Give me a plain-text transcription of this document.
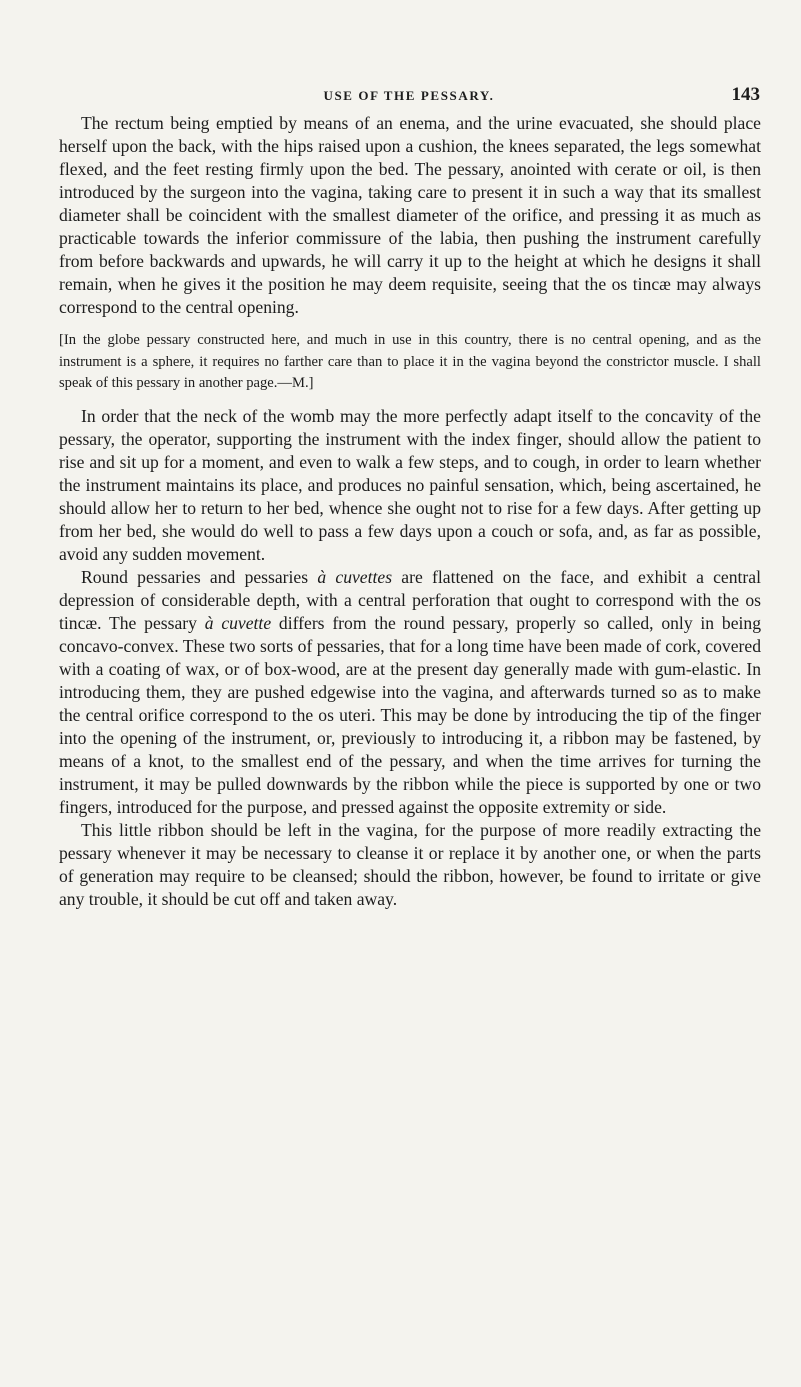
USE OF THE PESSARY.	143

The rectum being emptied by means of an enema, and the urine evacuated, she should place herself upon the back, with the hips raised upon a cushion, the knees separated, the legs somewhat flexed, and the feet resting firmly upon the bed. The pessary, anointed with cerate or oil, is then introduced by the surgeon into the vagina, taking care to present it in such a way that its smallest diameter shall be coincident with the smallest diameter of the orifice, and pressing it as much as practicable towards the inferior commissure of the labia, then pushing the instrument carefully from before backwards and upwards, he will carry it up to the height at which he designs it shall remain, when he gives it the position he may deem requisite, seeing that the os tincæ may always correspond to the central opening.

[ In the globe pessary constructed here, and much in use in this country, there is no central opening, and as the instrument is a sphere, it requires no farther care than to place it in the vagina beyond the constrictor muscle. I shall speak of this pessary in another page.—M. ]

In order that the neck of the womb may the more perfectly adapt itself to the concavity of the pessary, the operator, supporting the instrument with the index finger, should allow the patient to rise and sit up for a moment, and even to walk a few steps, and to cough, in order to learn whether the instrument maintains its place, and produces no painful sensation, which, being ascertained, he should allow her to return to her bed, whence she ought not to rise for a few days. After getting up from her bed, she would do well to pass a few days upon a couch or sofa, and, as far as possible, avoid any sudden movement.

Round pessaries and pessaries à cuvettes are flattened on the face, and exhibit a central depression of considerable depth, with a central perforation that ought to correspond with the os tincæ. The pessary à cuvette differs from the round pessary, properly so called, only in being concavo-convex. These two sorts of pessaries, that for a long time have been made of cork, covered with a coating of wax, or of box-wood, are at the present day generally made with gum-elastic. In introducing them, they are pushed edgewise into the vagina, and afterwards turned so as to make the central orifice correspond to the os uteri. This may be done by introducing the tip of the finger into the opening of the instrument, or, previously to introducing it, a ribbon may be fastened, by means of a knot, to the smallest end of the pessary, and when the time arrives for turning the instrument, it may be pulled downwards by the ribbon while the piece is supported by one or two fingers, introduced for the purpose, and pressed against the opposite extremity or side.

This little ribbon should be left in the vagina, for the purpose of more readily extracting the pessary whenever it may be necessary to cleanse it or replace it by another one, or when the parts of generation may require to be cleansed; should the ribbon, however, be found to irritate or give any trouble, it should be cut off and taken away.
